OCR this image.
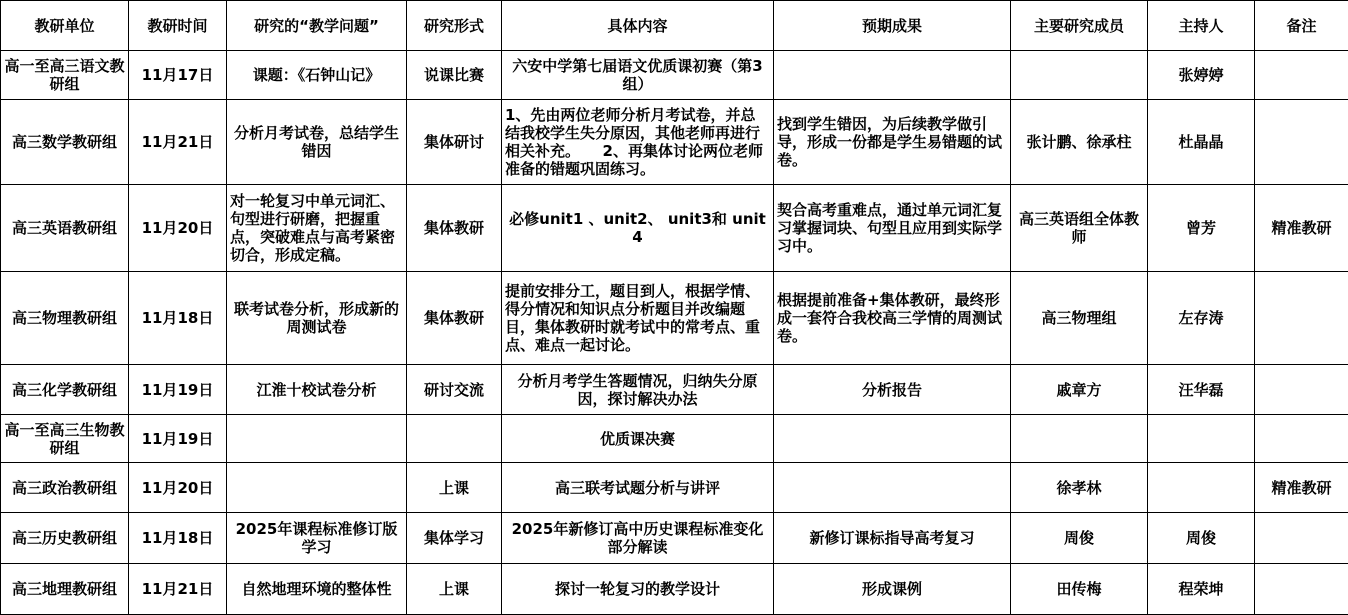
教研单位	教研时间	研究的“教学问题”	研究形式	具体内容	预期成果	主要研究成员	主持人	备注
高一至高三语文教研组	11月17日	课题：《石钟山记》	说课比赛	六安中学第七届语文优质课初赛（第3组）			张婷婷	
高三数学教研组	11月21日	分析月考试卷，总结学生错因	集体研讨	1、先由两位老师分析月考试卷，并总结我校学生失分原因，其他老师再进行相关补充。　　2、再集体讨论两位老师准备的错题巩固练习。	找到学生错因，为后续教学做引导，形成一份都是学生易错题的试卷。	张计鹏、徐承柱	杜晶晶	
高三英语教研组	11月20日	对一轮复习中单元词汇、句型进行研磨，把握重点，突破难点与高考紧密切合，形成定稿。	集体教研	必修unit1 、unit2、 unit3和 unit4	契合高考重难点，通过单元词汇复习掌握词块、句型且应用到实际学习中。	高三英语组全体教师	曾芳	精准教研
高三物理教研组	11月18日	联考试卷分析，形成新的周测试卷	集体教研	提前安排分工，题目到人，根据学情、得分情况和知识点分析题目并改编题目，集体教研时就考试中的常考点、重点、难点一起讨论。	根据提前准备+集体教研，最终形成一套符合我校高三学情的周测试卷。	高三物理组	左存涛	
高三化学教研组	11月19日	江淮十校试卷分析	研讨交流	分析月考学生答题情况，归纳失分原因，探讨解决办法	分析报告	戚章方	汪华磊	
高一至高三生物教研组	11月19日			优质课决赛				
高三政治教研组	11月20日		上课	高三联考试题分析与讲评		徐孝林		精准教研
高三历史教研组	11月18日	2025年课程标准修订版学习	集体学习	2025年新修订高中历史课程标准变化部分解读	新修订课标指导高考复习	周俊	周俊	
高三地理教研组	11月21日	自然地理环境的整体性	上课	探讨一轮复习的教学设计	形成课例	田传梅	程荣坤	
